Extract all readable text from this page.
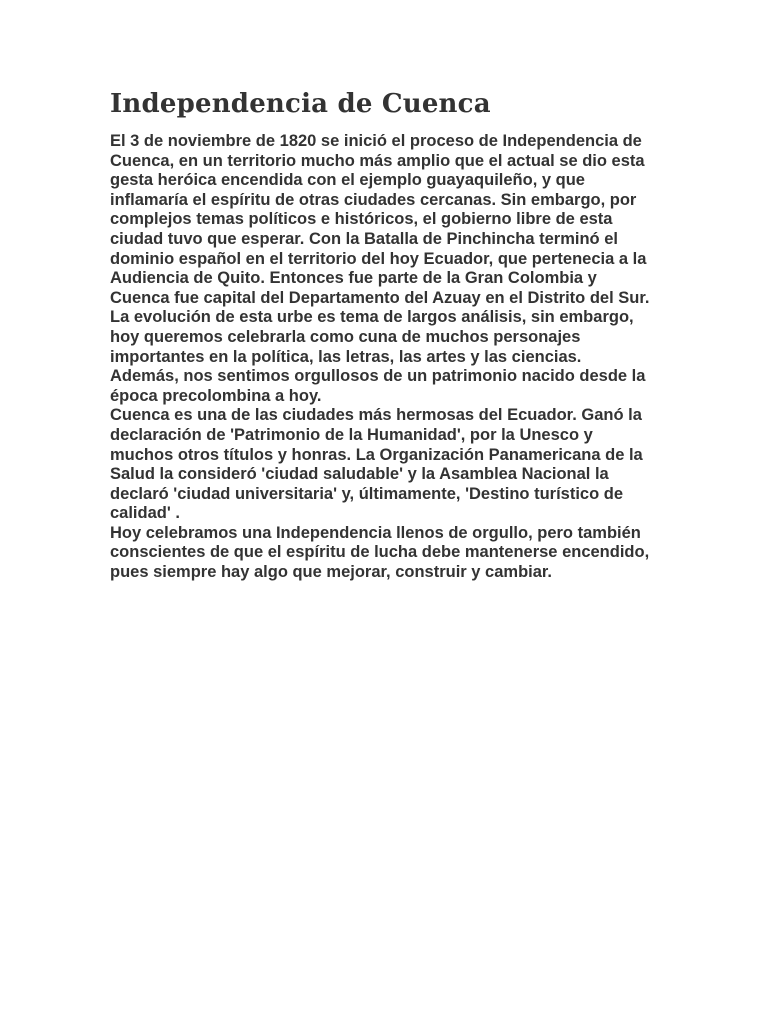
Independencia de Cuenca

El 3 de noviembre de 1820 se inició el proceso de Independencia de Cuenca, en un territorio mucho más amplio que el actual se dio esta gesta heróica encendida con el ejemplo guayaquileño, y que inflamaría el espíritu de otras ciudades cercanas. Sin embargo, por complejos temas políticos e históricos, el gobierno libre de esta ciudad tuvo que esperar. Con la Batalla de Pinchincha terminó el dominio español en el territorio del hoy Ecuador, que pertenecia a la Audiencia de Quito. Entonces fue parte de la Gran Colombia y Cuenca fue capital del Departamento del Azuay en el Distrito del Sur. La evolución de esta urbe es tema de largos análisis, sin embargo, hoy queremos celebrarla como cuna de muchos personajes importantes en la política, las letras, las artes y las ciencias.

Además, nos sentimos orgullosos de un patrimonio nacido desde la época precolombina a hoy.

Cuenca es una de las ciudades más hermosas del Ecuador. Ganó la declaración de 'Patrimonio de la Humanidad', por la Unesco y muchos otros títulos y honras. La Organización Panamericana de la Salud la consideró 'ciudad saludable' y la Asamblea Nacional la declaró 'ciudad universitaria' y, últimamente, 'Destino turístico de calidad' .

Hoy celebramos una Independencia llenos de orgullo, pero también conscientes de que el espíritu de lucha debe mantenerse encendido, pues siempre hay algo que mejorar, construir y cambiar.
